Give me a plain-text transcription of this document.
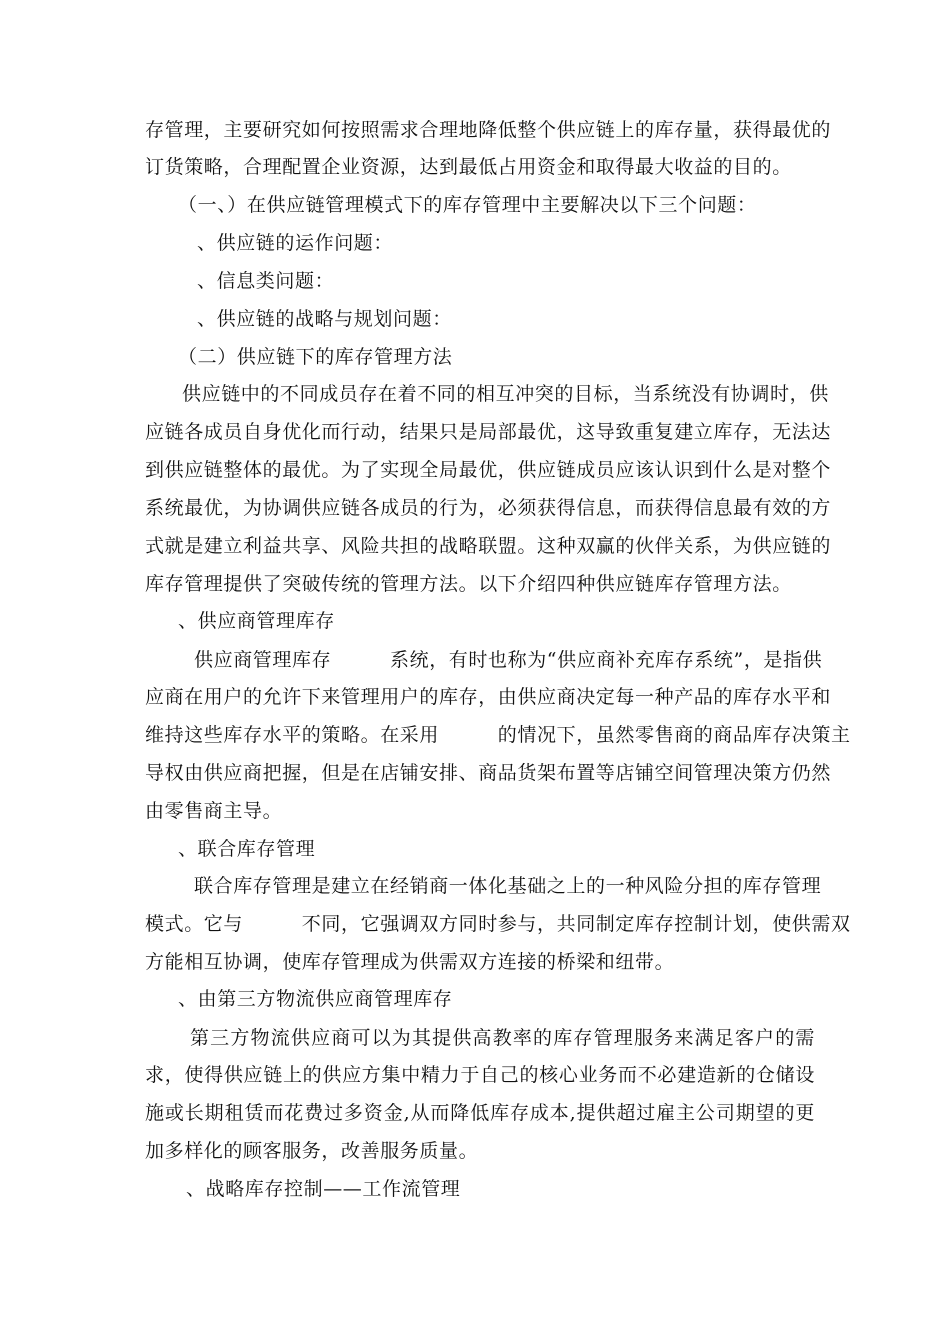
存管理，主要研究如何按照需求合理地降低整个供应链上的库存量，获得最优的
订货策略，合理配置企业资源，达到最低占用资金和取得最大收益的目的。
（一、）在供应链管理模式下的库存管理中主要解决以下三个问题：
、供应链的运作问题：
、信息类问题：
、供应链的战略与规划问题：
（二）供应链下的库存管理方法
供应链中的不同成员存在着不同的相互冲突的目标，当系统没有协调时，供
应链各成员自身优化而行动，结果只是局部最优，这导致重复建立库存，无法达
到供应链整体的最优。为了实现全局最优，供应链成员应该认识到什么是对整个
系统最优，为协调供应链各成员的行为，必须获得信息，而获得信息最有效的方
式就是建立利益共享、风险共担的战略联盟。这种双赢的伙伴关系，为供应链的
库存管理提供了突破传统的管理方法。以下介绍四种供应链库存管理方法。
、供应商管理库存
供应商管理库存　　　系统，有时也称为“供应商补充库存系统”，是指供
应商在用户的允许下来管理用户的库存，由供应商决定每一种产品的库存水平和
维持这些库存水平的策略。在采用　　　的情况下，虽然零售商的商品库存决策主
导权由供应商把握，但是在店铺安排、商品货架布置等店铺空间管理决策方仍然
由零售商主导。
、联合库存管理
联合库存管理是建立在经销商一体化基础之上的一种风险分担的库存管理
模式。它与　　　不同，它强调双方同时参与，共同制定库存控制计划，使供需双
方能相互协调，使库存管理成为供需双方连接的桥梁和纽带。
、由第三方物流供应商管理库存
第三方物流供应商可以为其提供高教率的库存管理服务来满足客户的需
求，使得供应链上的供应方集中精力于自己的核心业务而不必建造新的仓储设
施或长期租赁而花费过多资金,从而降低库存成本,提供超过雇主公司期望的更
加多样化的顾客服务，改善服务质量。
、战略库存控制——工作流管理
